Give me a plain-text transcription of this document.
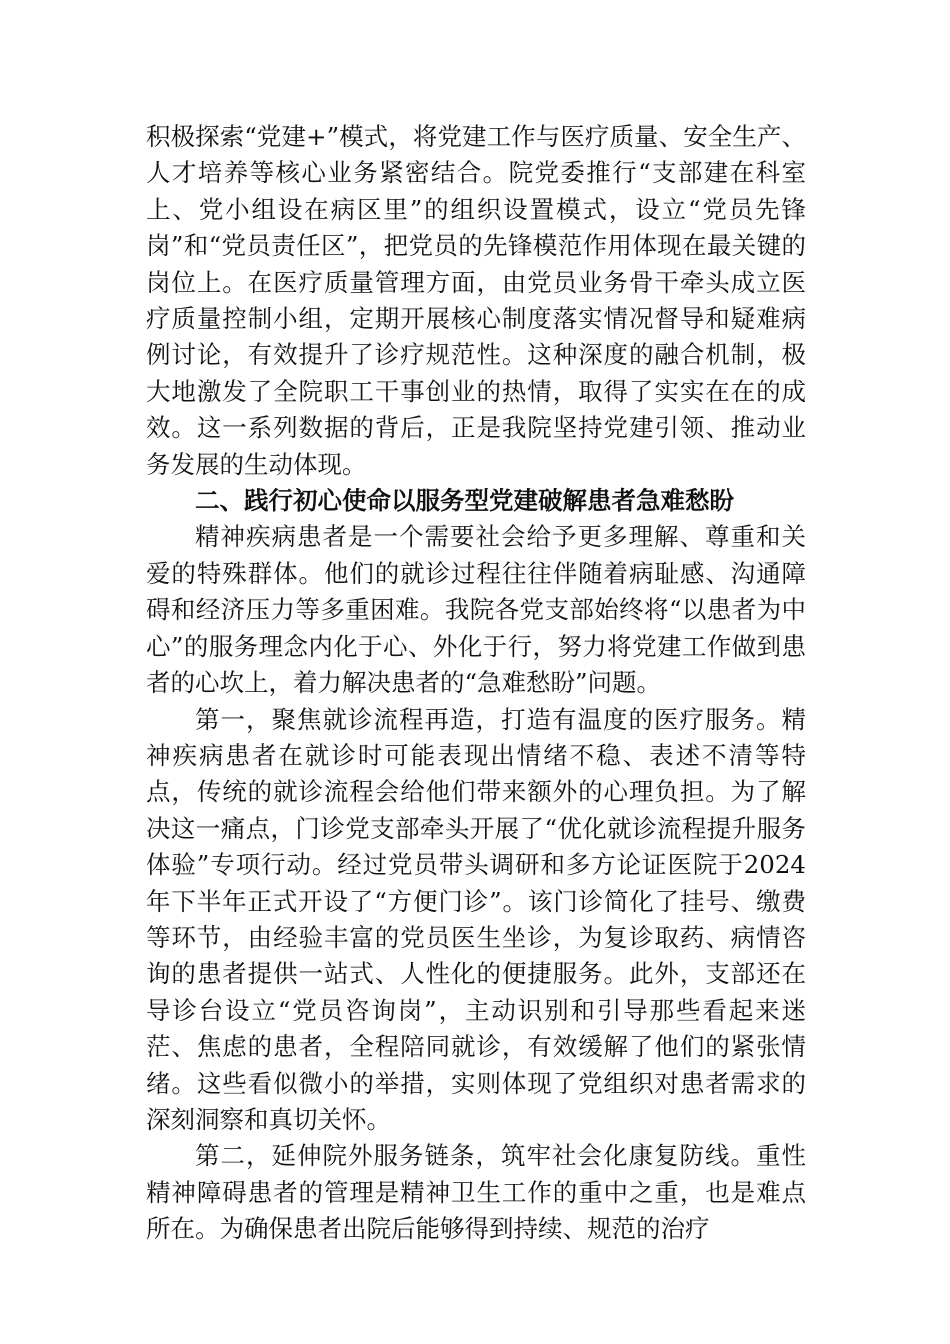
积极探索“党建+”模式，将党建工作与医疗质量、安全生产、人才培养等核心业务紧密结合。院党委推行“支部建在科室上、党小组设在病区里”的组织设置模式，设立“党员先锋岗”和“党员责任区”，把党员的先锋模范作用体现在最关键的岗位上。在医疗质量管理方面，由党员业务骨干牵头成立医疗质量控制小组，定期开展核心制度落实情况督导和疑难病例讨论，有效提升了诊疗规范性。这种深度的融合机制，极大地激发了全院职工干事创业的热情，取得了实实在在的成效。这一系列数据的背后，正是我院坚持党建引领、推动业务发展的生动体现。

二、践行初心使命以服务型党建破解患者急难愁盼

精神疾病患者是一个需要社会给予更多理解、尊重和关爱的特殊群体。他们的就诊过程往往伴随着病耻感、沟通障碍和经济压力等多重困难。我院各党支部始终将“以患者为中心”的服务理念内化于心、外化于行，努力将党建工作做到患者的心坎上，着力解决患者的“急难愁盼”问题。

第一，聚焦就诊流程再造，打造有温度的医疗服务。精神疾病患者在就诊时可能表现出情绪不稳、表述不清等特点，传统的就诊流程会给他们带来额外的心理负担。为了解决这一痛点，门诊党支部牵头开展了“优化就诊流程提升服务体验”专项行动。经过党员带头调研和多方论证医院于2024年下半年正式开设了“方便门诊”。该门诊简化了挂号、缴费等环节，由经验丰富的党员医生坐诊，为复诊取药、病情咨询的患者提供一站式、人性化的便捷服务。此外，支部还在导诊台设立“党员咨询岗”，主动识别和引导那些看起来迷茫、焦虑的患者，全程陪同就诊，有效缓解了他们的紧张情绪。这些看似微小的举措，实则体现了党组织对患者需求的深刻洞察和真切关怀。

第二，延伸院外服务链条，筑牢社会化康复防线。重性精神障碍患者的管理是精神卫生工作的重中之重，也是难点所在。为确保患者出院后能够得到持续、规范的治疗
